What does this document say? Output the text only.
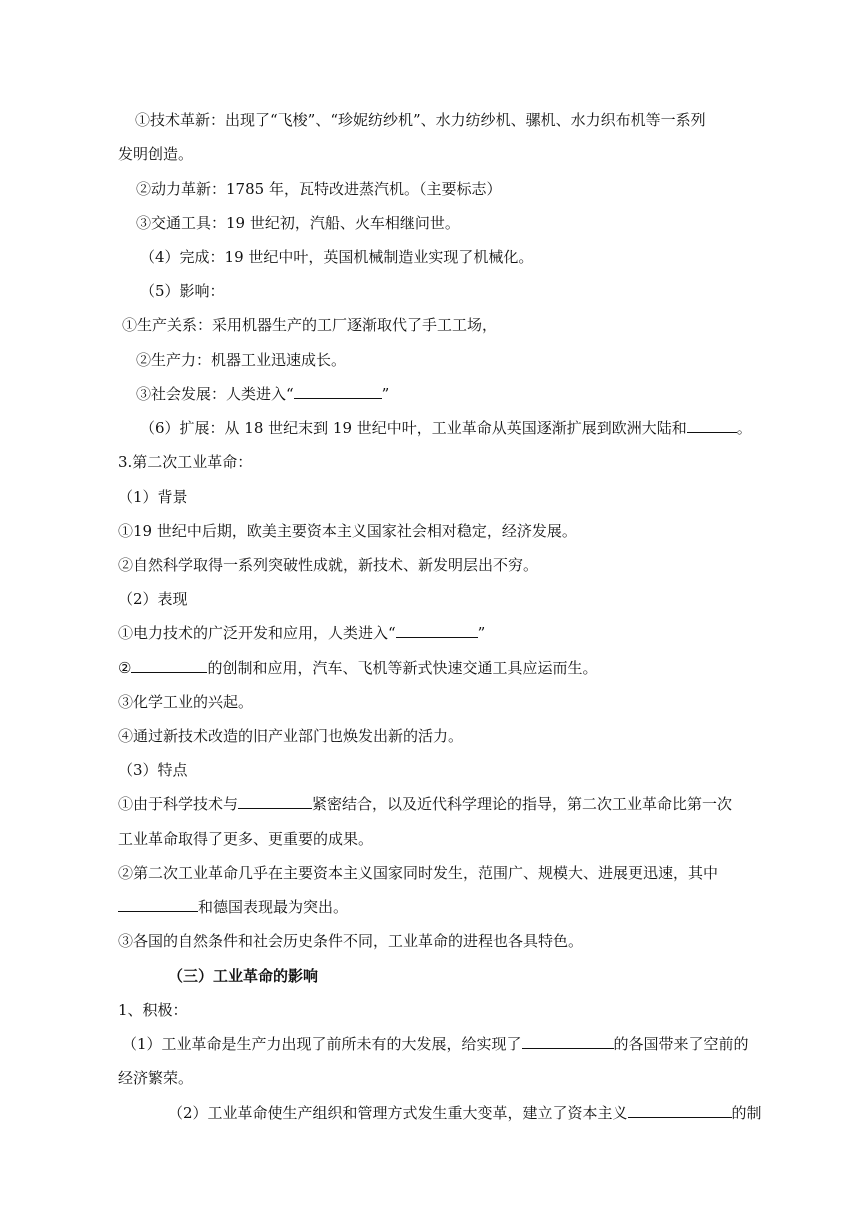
①技术革新：出现了“飞梭”、“珍妮纺纱机”、水力纺纱机、骡机、水力织布机等一系列
发明创造。
②动力革新：1785 年，瓦特改进蒸汽机。（主要标志）
③交通工具：19 世纪初，汽船、火车相继问世。
（4）完成：19 世纪中叶，英国机械制造业实现了机械化。
（5）影响：
①生产关系：采用机器生产的工厂逐渐取代了手工工场，
②生产力：机器工业迅速成长。
③社会发展：人类进入“	”
（6）扩展：从 18 世纪末到 19 世纪中叶，工业革命从英国逐渐扩展到欧洲大陆和	。
3.第二次工业革命：
（1）背景
①19 世纪中后期，欧美主要资本主义国家社会相对稳定，经济发展。
②自然科学取得一系列突破性成就，新技术、新发明层出不穷。
（2）表现
①电力技术的广泛开发和应用，人类进入“	”
②	的创制和应用，汽车、飞机等新式快速交通工具应运而生。
③化学工业的兴起。
④通过新技术改造的旧产业部门也焕发出新的活力。
（3）特点
①由于科学技术与	紧密结合，以及近代科学理论的指导，第二次工业革命比第一次
工业革命取得了更多、更重要的成果。
②第二次工业革命几乎在主要资本主义国家同时发生，范围广、规模大、进展更迅速，其中
和德国表现最为突出。
③各国的自然条件和社会历史条件不同，工业革命的进程也各具特色。
（三）工业革命的影响
1、积极：
（1）工业革命是生产力出现了前所未有的大发展，给实现了	的各国带来了空前的
经济繁荣。
（2）工业革命使生产组织和管理方式发生重大变革，建立了资本主义	的制
